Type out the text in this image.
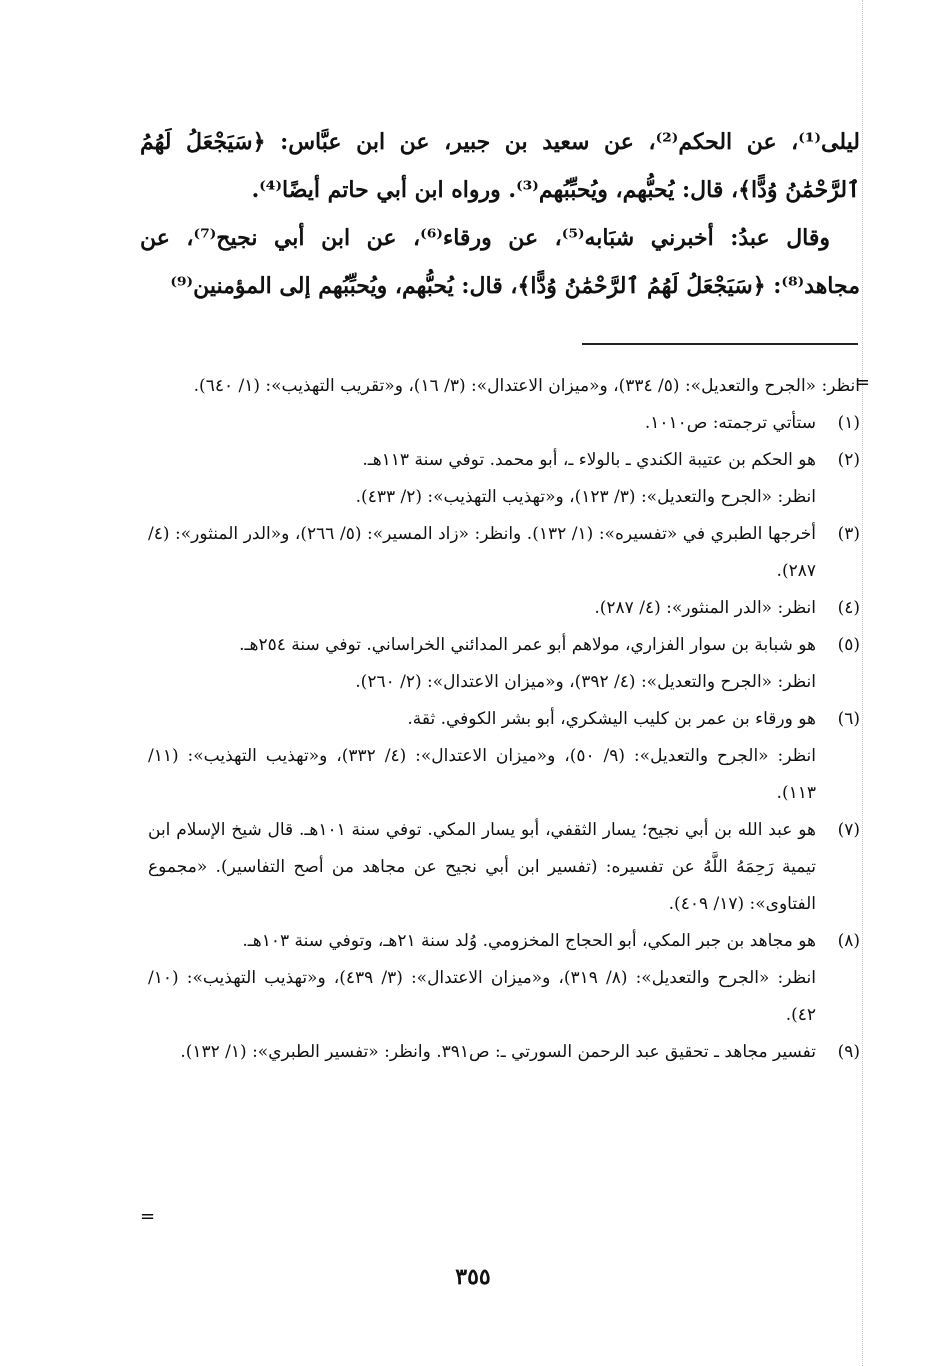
ليلى⁽¹⁾، عن الحكم⁽²⁾، عن سعيد بن جبير، عن ابن عبَّاس: ﴿سَيَجْعَلُ لَهُمُ ٱلرَّحْمَٰنُ وُدًّا﴾، قال: يُحبُّهم، ويُحبِّبُهم⁽³⁾. ورواه ابن أبي حاتم أيضًا⁽⁴⁾.

وقال عبدُ: أخبرني شبَابه⁽⁵⁾، عن ورقاء⁽⁶⁾، عن ابن أبي نجيح⁽⁷⁾، عن مجاهد⁽⁸⁾: ﴿سَيَجْعَلُ لَهُمُ ٱلرَّحْمَٰنُ وُدًّا﴾، قال: يُحبُّهم، ويُحبِّبُهم إلى المؤمنين⁽⁹⁾

=
انظر: «الجرح والتعديل»: (٥/ ٣٣٤)، و«ميزان الاعتدال»: (٣/ ١٦)، و«تقريب التهذيب»: (١/ ٦٤٠).
(١)

ستأتي ترجمته: ص١٠١٠.

(٢)

هو الحكم بن عتيبة الكندي ـ بالولاء ـ، أبو محمد. توفي سنة ١١٣هـ.

انظر: «الجرح والتعديل»: (٣/ ١٢٣)، و«تهذيب التهذيب»: (٢/ ٤٣٣).

(٣)

أخرجها الطبري في «تفسيره»: (١/ ١٣٢). وانظر: «زاد المسير»: (٥/ ٢٦٦)، و«الدر المنثور»: (٤/ ٢٨٧).

(٤)

انظر: «الدر المنثور»: (٤/ ٢٨٧).

(٥)

هو شبابة بن سوار الفزاري، مولاهم أبو عمر المدائني الخراساني. توفي سنة ٢٥٤هـ.

انظر: «الجرح والتعديل»: (٤/ ٣٩٢)، و«ميزان الاعتدال»: (٢/ ٢٦٠).

(٦)

هو ورقاء بن عمر بن كليب اليشكري، أبو بشر الكوفي. ثقة.

انظر: «الجرح والتعديل»: (٩/ ٥٠)، و«ميزان الاعتدال»: (٤/ ٣٣٢)، و«تهذيب التهذيب»: (١١/ ١١٣).

(٧)

هو عبد الله بن أبي نجيح؛ يسار الثقفي، أبو يسار المكي. توفي سنة ١٠١هـ. قال شيخ الإسلام ابن تيمية رَحِمَهُ اللَّهُ عن تفسيره: (تفسير ابن أبي نجيح عن مجاهد من أصح التفاسير). «مجموع الفتاوى»: (١٧/ ٤٠٩).

(٨)

هو مجاهد بن جبر المكي، أبو الحجاج المخزومي. وُلد سنة ٢١هـ، وتوفي سنة ١٠٣هـ.

انظر: «الجرح والتعديل»: (٨/ ٣١٩)، و«ميزان الاعتدال»: (٣/ ٤٣٩)، و«تهذيب التهذيب»: (١٠/ ٤٢).

(٩)

تفسير مجاهد ـ تحقيق عبد الرحمن السورتي ـ: ص٣٩١. وانظر: «تفسير الطبري»: (١/ ١٣٢).

=
٣٥٥
